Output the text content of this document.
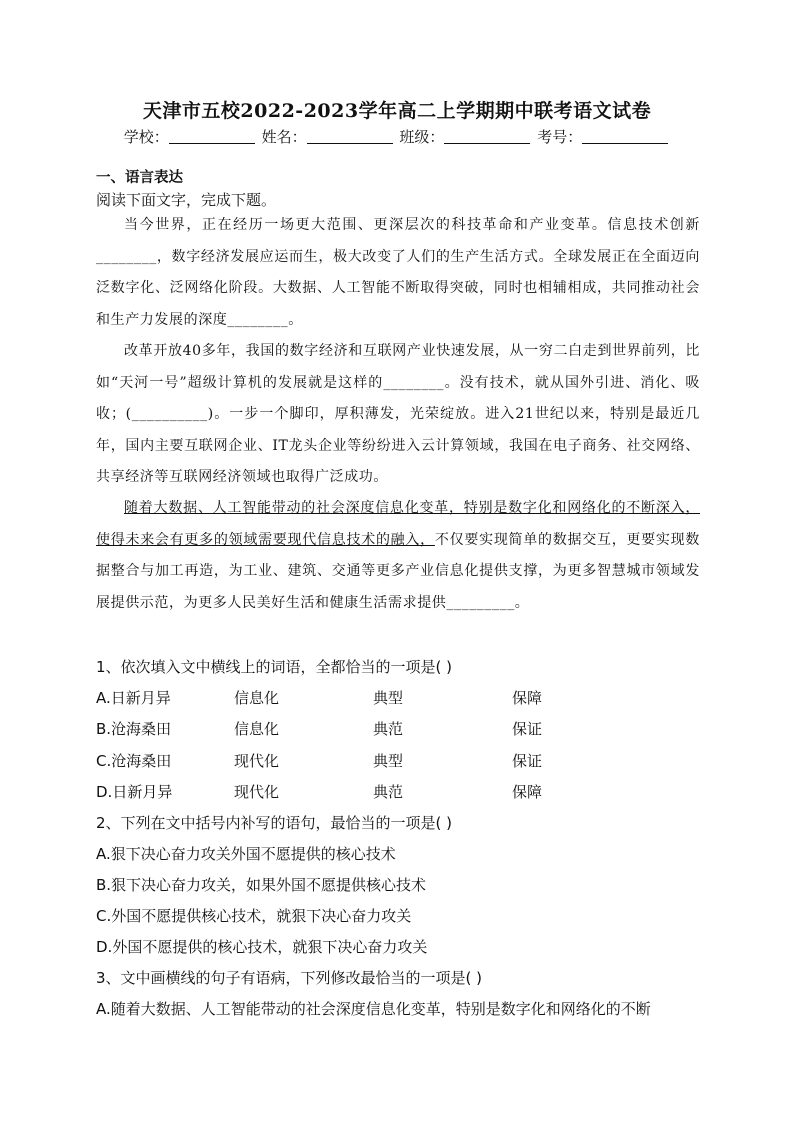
天津市五校2022-2023学年高二上学期期中联考语文试卷
学校：	姓名：	班级：	考号：
一、语言表达
阅读下面文字，完成下题。
当今世界，正在经历一场更大范围、更深层次的科技革命和产业变革。信息技术创新________，数字经济发展应运而生，极大改变了人们的生产生活方式。全球发展正在全面迈向泛数字化、泛网络化阶段。大数据、人工智能不断取得突破，同时也相辅相成，共同推动社会和生产力发展的深度________。
改革开放40多年，我国的数字经济和互联网产业快速发展，从一穷二白走到世界前列，比如“天河一号”超级计算机的发展就是这样的________。没有技术，就从国外引进、消化、吸收；(__________)。一步一个脚印，厚积薄发，光荣绽放。进入21世纪以来，特别是最近几年，国内主要互联网企业、IT龙头企业等纷纷进入云计算领域，我国在电子商务、社交网络、共享经济等互联网经济领域也取得广泛成功。
随着大数据、人工智能带动的社会深度信息化变革，特别是数字化和网络化的不断深入，使得未来会有更多的领域需要现代信息技术的融入，不仅要实现简单的数据交互，更要实现数据整合与加工再造，为工业、建筑、交通等更多产业信息化提供支撑，为更多智慧城市领域发展提供示范，为更多人民美好生活和健康生活需求提供_________。
1、依次填入文中横线上的词语，全都恰当的一项是( )
A.日新月异	信息化	典型	保障
B.沧海桑田	信息化	典范	保证
C.沧海桑田	现代化	典型	保证
D.日新月异	现代化	典范	保障
2、下列在文中括号内补写的语句，最恰当的一项是( )
A.狠下决心奋力攻关外国不愿提供的核心技术
B.狠下决心奋力攻关，如果外国不愿提供核心技术
C.外国不愿提供核心技术，就狠下决心奋力攻关
D.外国不愿提供的核心技术，就狠下决心奋力攻关
3、文中画横线的句子有语病，下列修改最恰当的一项是( )
A.随着大数据、人工智能带动的社会深度信息化变革，特别是数字化和网络化的不断
